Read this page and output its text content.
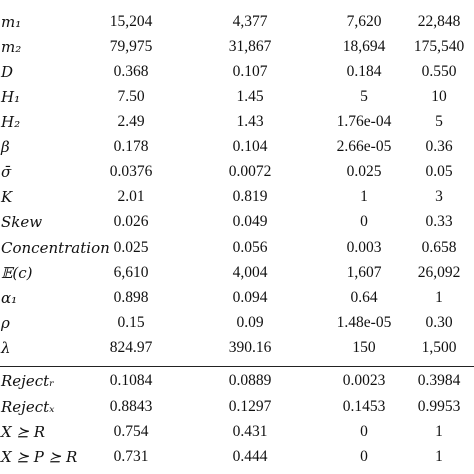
m₁	15,204	4,377	7,620	22,848
m₂	79,975	31,867	18,694	175,540
D	0.368	0.107	0.184	0.550
H₁	7.50	1.45	5	10
H₂	2.49	1.43	1.76e-04	5
β	0.178	0.104	2.66e-05	0.36
σ̄	0.0376	0.0072	0.025	0.05
K	2.01	0.819	1	3
Skew	0.026	0.049	0	0.33
Concentration 0.025	0.056	0.003	0.658
𝔼(c)	6,610	4,004	1,607	26,092
α₁	0.898	0.094	0.64	1
ρ	0.15	0.09	1.48e-05	0.30
λ	824.97	390.16	150	1,500
Rejectᵣ	0.1084	0.0889	0.0023	0.3984
Rejectₓ	0.8843	0.1297	0.1453	0.9953
X ⪰ R	0.754	0.431	0	1
X ⪰ P ⪰ R	0.731	0.444	0	1
